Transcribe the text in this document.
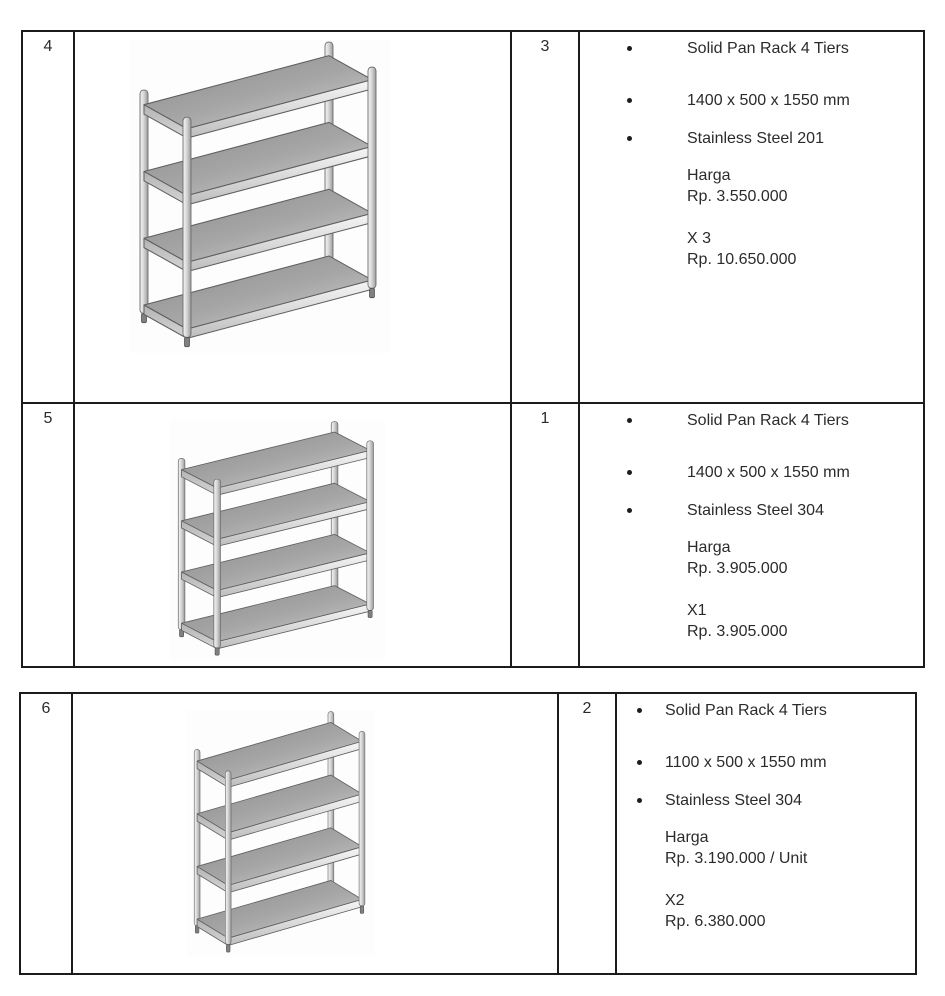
4		3	Solid Pan Rack 4 Tiers
1400 x 500 x 1550 mm
Stainless Steel 201
Harga
Rp. 3.550.000
X 3
Rp. 10.650.000

5		1	Solid Pan Rack 4 Tiers
1400 x 500 x 1550 mm
Stainless Steel 304
Harga
Rp. 3.905.000
X1
Rp. 3.905.000
6		2	Solid Pan Rack 4 Tiers
1100 x 500 x 1550 mm
Stainless Steel 304
Harga
Rp. 3.190.000 / Unit
X2
Rp. 6.380.000
